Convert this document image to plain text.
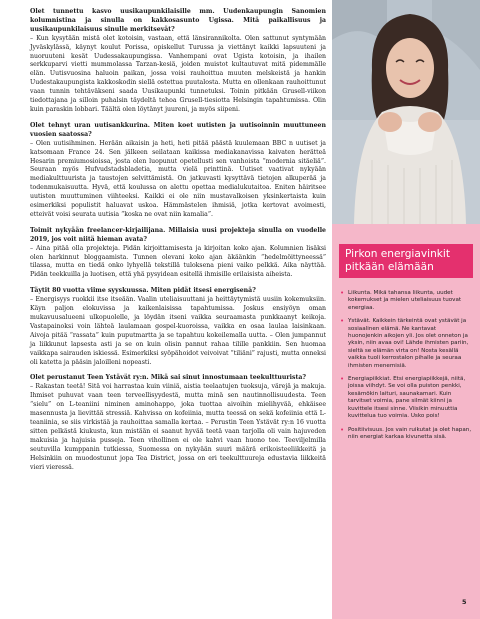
Olet tunnettu kasvo uusikaupunkilaisille mm. Uudenkaupungin Sanomien kolumnistina ja sinulla on kakkosasunto Ugissa. Mitä paikallisuus ja uusikaupunkilaisuus sinulle merkitsevät?

– Kun kysytään mistä olet kotoisin, vastaan, että länsirannikolta. Olen sattunut syntymään Jyväskylässä, käynyt koulut Porissa, opiskellut Turussa ja viettänyt kaikki lapsuuteni ja nuoruuteni kesät Uudessakaupungissa. Vanhempani ovat Ugista kotoisin, ja ihailen serkkuparvi vietti mummolassa Tarzan-kesiä, joiden muistot kultautuvat mitä pidemmälle elän. Uutisvuosina haluoin paikan, jossa voisi rauhoittua muuten melskeistä ja hankin Uudestakaupungista kakkoskodin siellä ostettua puutalosta. Mutta en ollenkaan rauhoittunut vaan tunnin tehtäväkseni saada Uusikaupunki tunnetuksi. Toinin pitkään Grusell-viikon tiedottajana ja silloin puhalsin täydeltä tehoa Grusell-tiesiotta Helsingin tapahtumissa. Olin kuin paraskin lobbari. Täältä olen löytänyt juureni, ja myös siipeni.

Olet tehnyt uran uutisankkurina. Miten koet uutisten ja uutisoinnin muuttuneen vuosien saatossa?

– Olen uutisihminen. Herään aikaisin ja heti, heti pitää päästä kuulemaan BBC n uutiset ja katsomaan France 24. Sen jälkeen seilataan kaikissa mediakanavissa kaivaten herätteä Hesarin premiumosioissa, josta olen luopunut opetellusti sen vanhoista “modernia sitäeliä”. Seuraan myös Hufvudstadsbladetia, mutta vielä printtinä. Uutiset vaativat nykyään mediakulttuurista ja taustojen selvittämistä. On jatkuvasti kysyttävä tietojen alkuperää ja todenmukaisuutta. Hyvä, että koulussa on alettu opettaa medialukutaitoa. Eniten häiritsee uutisten muuttuminen viihteeksi. Kaikki ei ole niin mustavalkoisen yksinkertaista kuin esimerkiksi populistit haluavat uskoa. Hämmästelen ihmisiä, jotka kertovat avoimesti, etteivät voisi seurata uutisia “koska ne ovat niin kamalia”.

Toimit nykyään freelancer-kirjailijana. Millaisia uusi projekteja sinulla on vuodelle 2019, jos voit niitä hieman avata?

– Aina pitää olla projekteja. Pidän kirjoittamisesta ja kirjoitan koko ajan. Kolumnien lisäksi olen harkinnut bloggaamista. Tunnen olevani koko ajan äkäänkin “hedelmöittyneessä” tilassa, mutta en tiedä onko lyhyellä tekstillä tuloksena pieni vaiko pelkkä. Aika näyttää. Pidän teekkuilla ja luotisen, että yhä pysyidean esitellä ihmisille erilaisista aiheista.

Täytit 80 vuotta viime syyskuussa. Miten pidät itsesi energisenä?

– Energisyys ruokkii itse itseään. Vaalin uteliaisuuttani ja heittäytymistä uusiin kokemuksiin. Käyn paljon elokuvissa ja kaikenlaisissa tapahtumissa. Joskus ensiyöyn oman mukavuusalueeni ulkopuolelle, ja löydän itseni vaikka seuraamasta punkkaanyt keikoja. Vastapainoksi voin lähteä laulamaan gospel-kuoroissa, vaikka en osaa laulaa laisinkaan. Aivoja pitää “rassata” kuin puputmartta ja se tapahtuu kokeilemalla uutta. – Olen jumpannut ja liikkunut lapsesta asti ja se on kuin olisin pannut rahaa tilille pankkiin. Sen huomaa vaikkapa sairauden iskiessä. Esimerkiksi syöpähoidot veivoivat “tiliäni” rajusti, mutta onneksi oli katetta ja pääsin jaloilleni nopeasti.

Olet perustanut Teen Ystävät ry:n. Mikä sai sinut innostumaan teekulttuurista?

– Rakastan teetä! Sitä voi harrastaa kuin viiniä, aistia teelaatujen tuoksuja, värejä ja makuja. Ihmiset puhuvat vaan teen terveellisyydestä, mutta minä sen nautinnollisuudesta. Teen “sielu” on L-teaniini niminen aminohappo, joka tuottaa aivoihin mielihyvää, ehkäisee masennusta ja lievittää stressiä. Kahvissa on kofeiinia, mutta teessä on sekä kofeiinia että L-teaniinia, se siis virkistää ja rauhoittaa samalla kertaa. – Perustin Teen Ystävät ry:n 16 vuotta sitten pelkästä kiukusta, kun mistään ei saanut hyvää teetä vaan tarjolla oli vain hajuveden makuisia ja hajuisia pusseja. Teen vihollinen ei ole kahvi vaan huono tee. Teeviljelmilla seutuvilla kumppanin tutkiessa, Suomessa on nykyään suuri määrä erikoisteeliikkeitä ja Helsinkiin on muodostunut jopa Tea District, jossa on eri teekulttuureja edustavia liikkeitä vieri vieressä.

Pirkon energiavinkit pitkään elämään
• Liikunta. Mikä tahansa liikunta, uudet kokemukset ja mielen uteliaisuus tuovat energiaa.
• Ystävät. Kaikkein tärkeintä ovat ystävät ja sosiaalinen elämä. Ne kantavat huonojenkin aikojen yli. Jos olet onneton ja yksin, niin avaa ovi! Lähde ihmisten pariin, sieltä se elämän virta on! Nosta kesällä vaikka tuoli kerrostalon pihalle ja seuraa ihmisten menemisiä.
• Energiapiikkiat. Etsi energiapiikkejä, niitä, joissa viihdyt. Se voi olla puiston penkki, kesämökin laituri, saunakamari. Kuin tarvitset voimia, pane silmät kiinni ja kuvittele itsesi sinne. Viisikin minuuttia kuvittelua tuo voimia. Usko pois!
• Positiivisuus. Jos vain ruikutat ja olet hapan, niin energiat karkaa kivunetta sisä.
5
